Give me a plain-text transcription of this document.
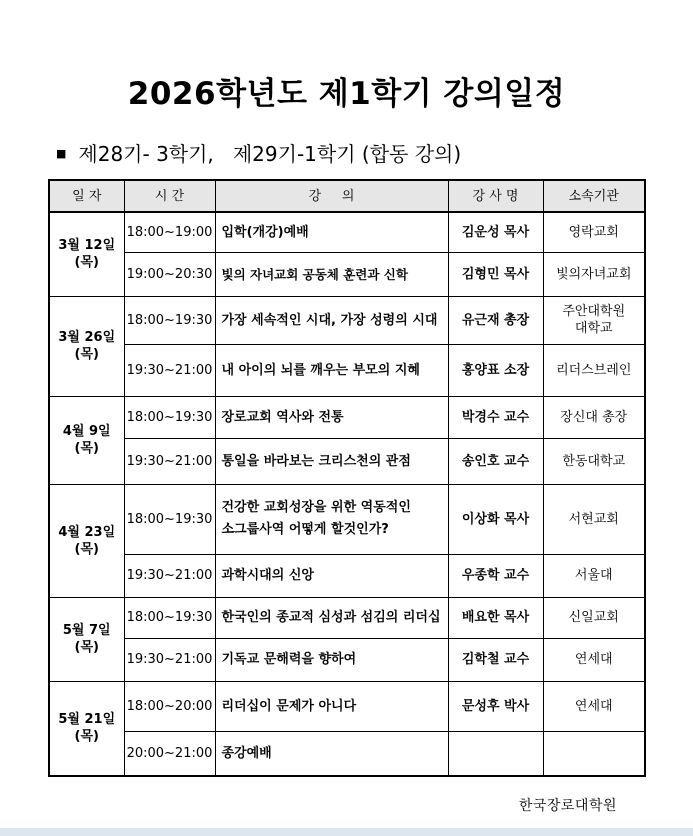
2026학년도 제1학기 강의일정
■ 제28기- 3학기,   제29기-1학기 (합동 강의)
일 자	시 간	강     의	강 사 명	소속기관

3월 12일
(목)	18:00~19:00	입학(개강)예배	김운성 목사	영락교회
	19:00~20:30	빛의 자녀교회 공동체 훈련과 신학	김형민 목사	빛의자녀교회

3월 26일
(목)	18:00~19:30	가장 세속적인 시대, 가장 성령의 시대	유근재 총장	주안대학원대학교

	19:30~21:00	내 아이의 뇌를 깨우는 부모의 지혜	홍양표 소장	리더스브레인

4월 9일
(목)	18:00~19:30	장로교회 역사와 전통	박경수 교수	장신대 총장
	19:30~21:00	통일을 바라보는 크리스천의 관점	송인호 교수	한동대학교

4월 23일
(목)	18:00~19:30	건강한 교회성장을 위한 역동적인 소그룹사역 어떻게 할것인가?	이상화 목사	서현교회
	19:30~21:00	과학시대의 신앙	우종학 교수	서울대

5월 7일
(목)	18:00~19:30	한국인의 종교적 심성과 섬김의 리더십	배요한 목사	신일교회
	19:30~21:00	기독교 문해력을 향하여	김학철 교수	연세대

5월 21일
(목)	18:00~20:00	리더십이 문제가 아니다	문성후 박사	연세대
	20:00~21:00	종강예배		
한국장로대학원
